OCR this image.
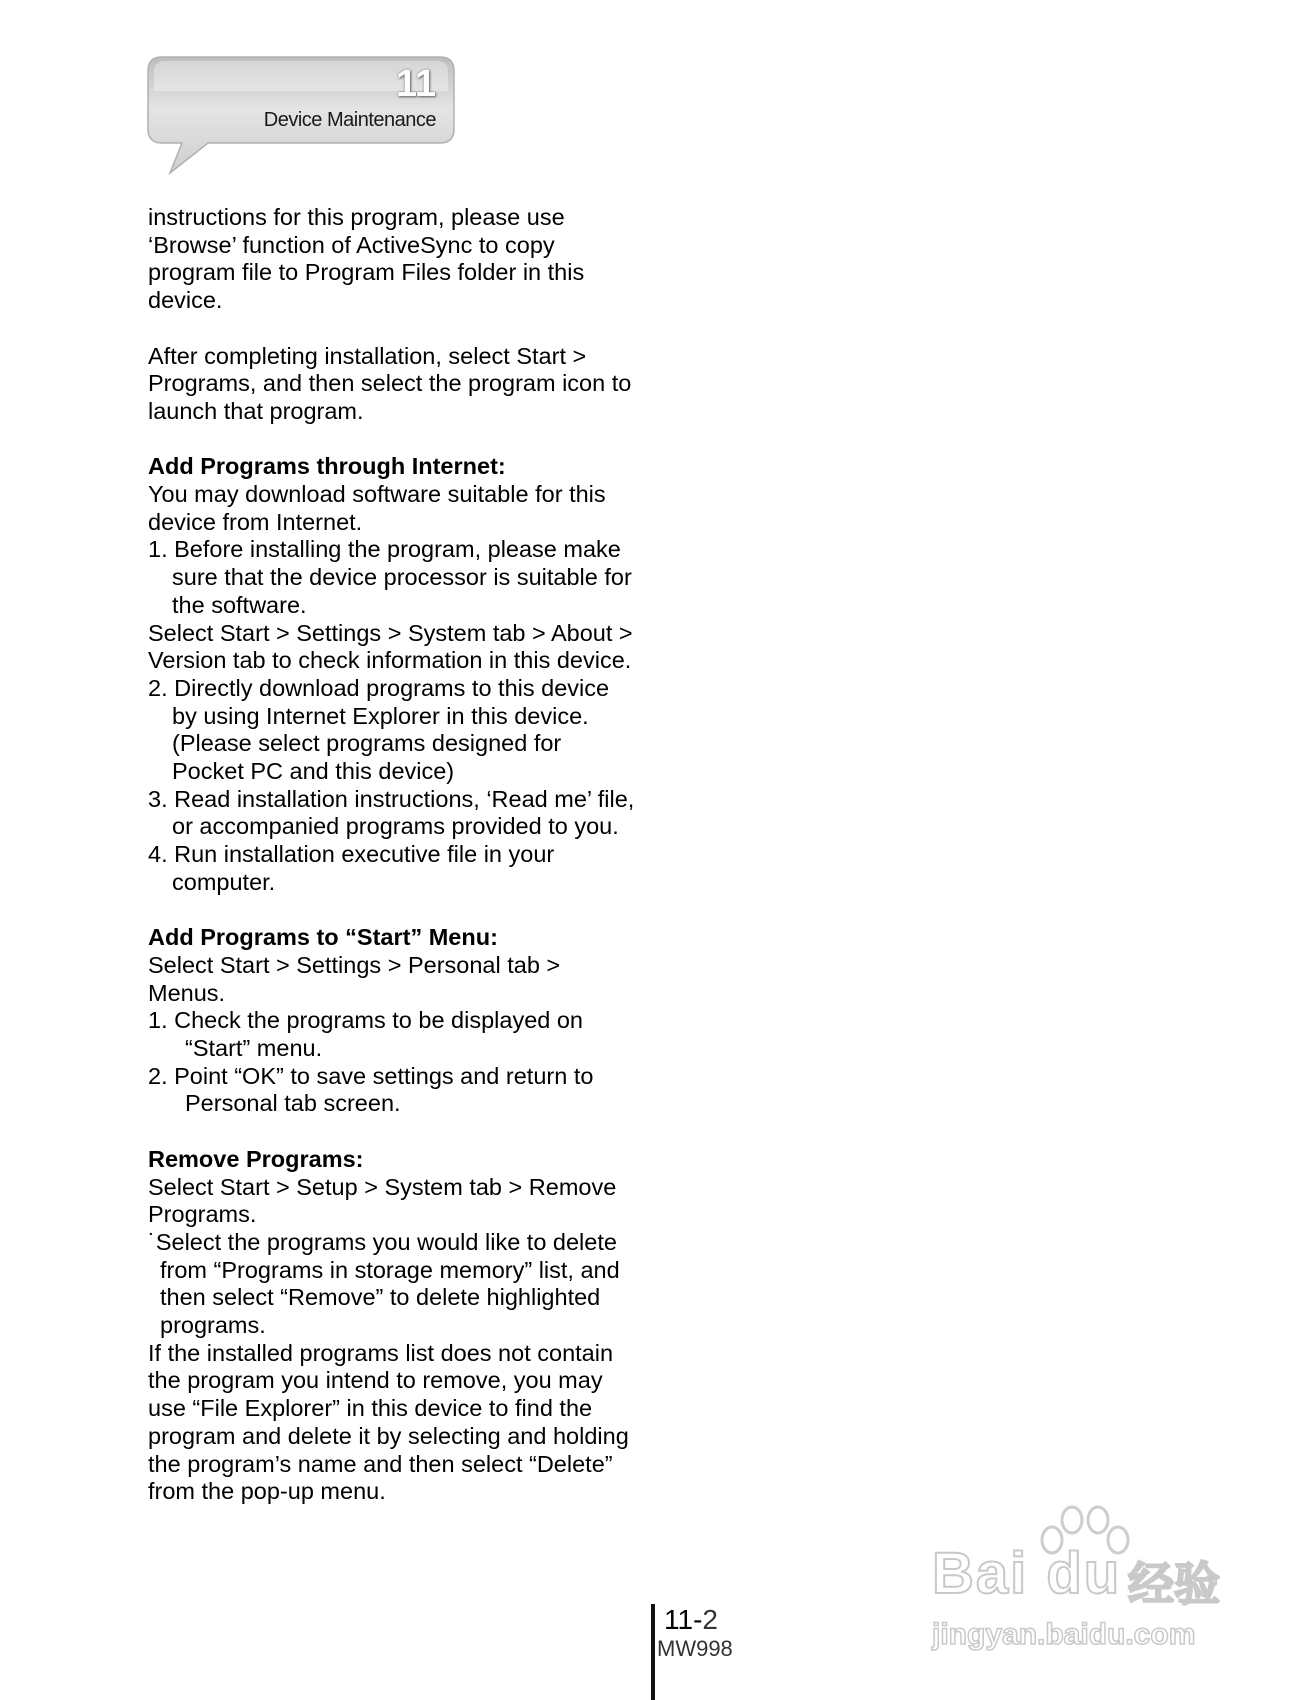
11
Device Maintenance

instructions for this program, please use

‘Browse’ function of ActiveSync to copy

program file to Program Files folder in this

device.

After completing installation, select Start >

Programs, and then select the program icon to

launch that program.

Add Programs through Internet:

You may download software suitable for this

device from Internet.

1. Before installing the program, please make

sure that the device processor is suitable for

the software.

Select Start > Settings > System tab > About >

Version tab to check information in this device.

2. Directly download programs to this device

by using Internet Explorer in this device.

(Please select programs designed for

Pocket PC and this device)

3. Read installation instructions, ‘Read me’ file,

or accompanied programs provided to you.

4. Run installation executive file in your

computer.

Add Programs to “Start” Menu:

Select Start > Settings > Personal tab >

Menus.

1. Check the programs to be displayed on

“Start” menu.

2. Point “OK” to save settings and return to

Personal tab screen.

Remove Programs:

Select Start > Setup > System tab > Remove

Programs.

˙Select the programs you would like to delete

from “Programs in storage memory” list, and

then select “Remove” to delete highlighted

programs.

If the installed programs list does not contain

the program you intend to remove, you may

use “File Explorer” in this device to find the

program and delete it by selecting and holding

the program’s name and then select “Delete”

from the pop-up menu.

11-2
MW998
Bai du 经验
jingyan.baidu.com
